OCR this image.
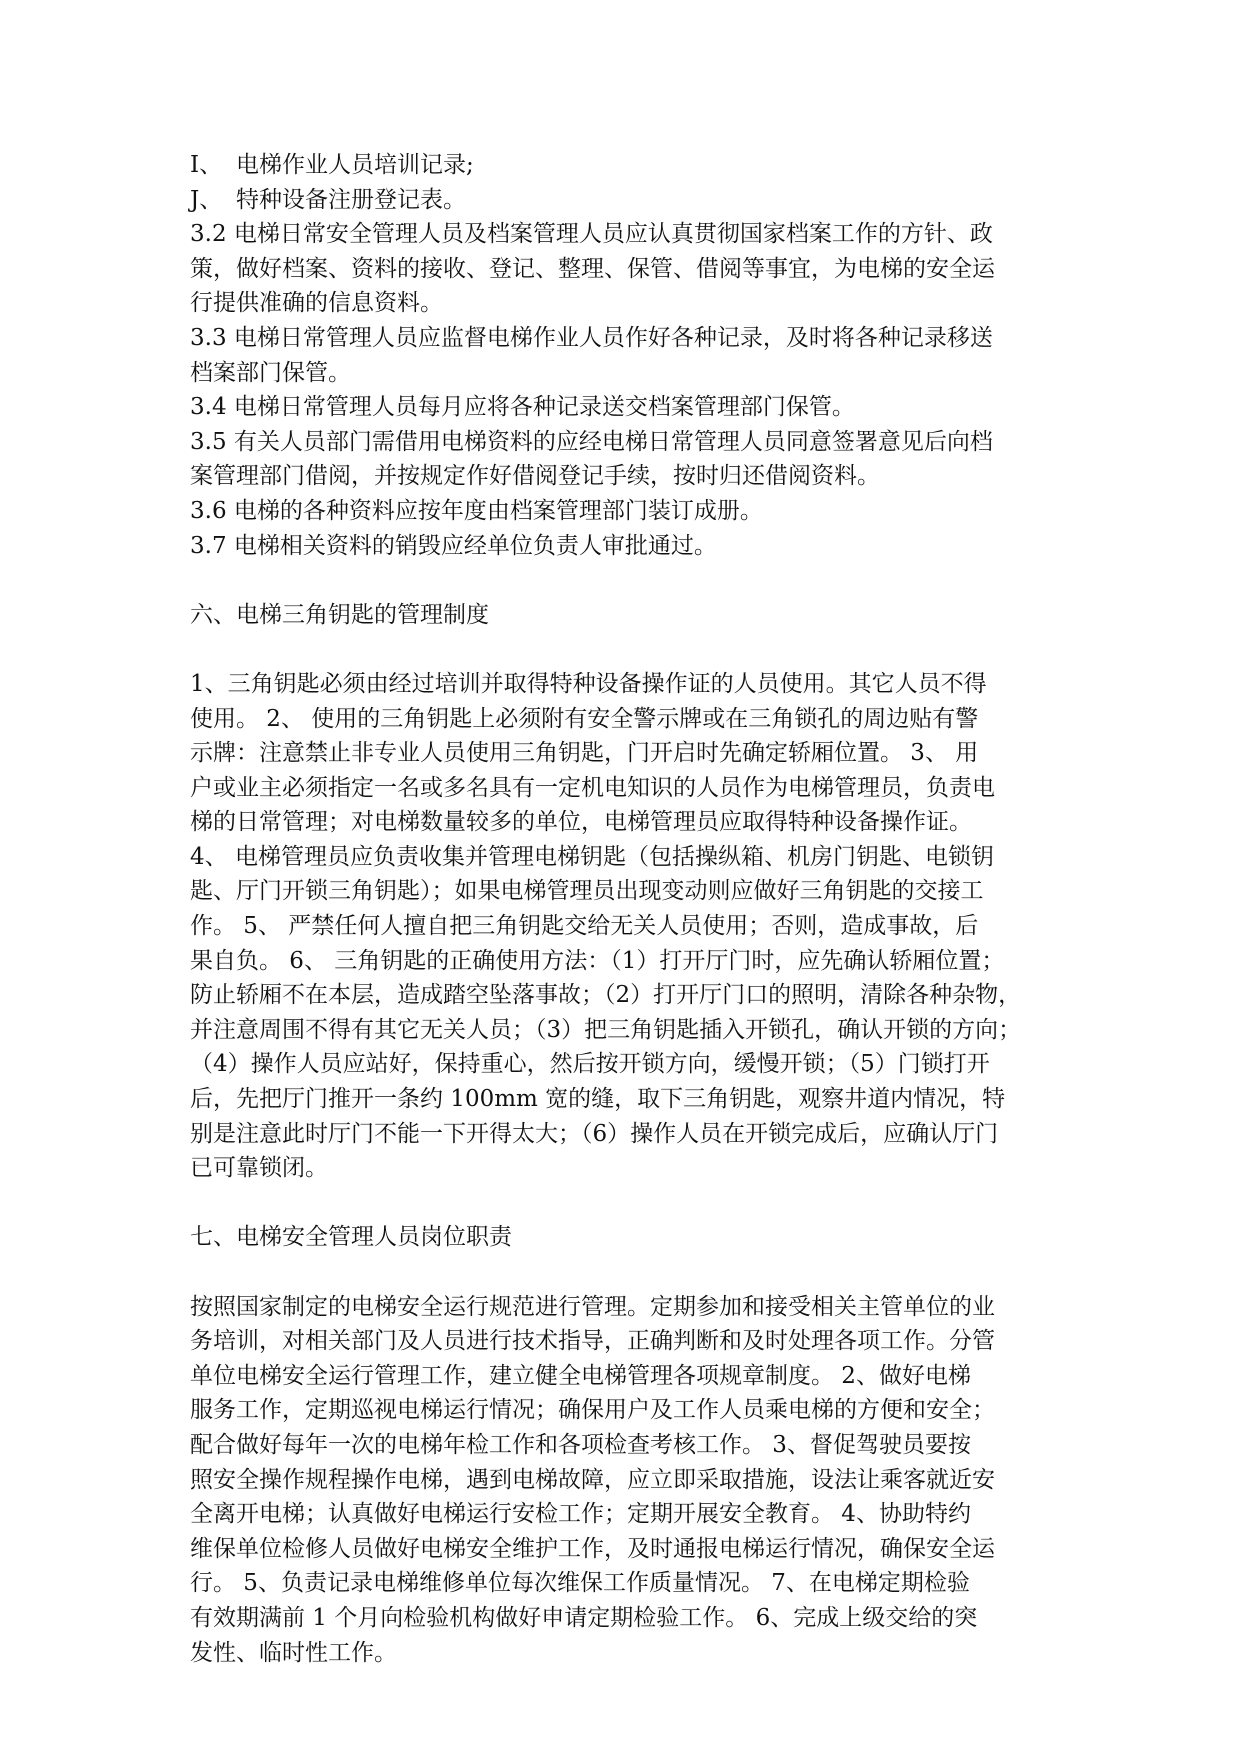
I、 电梯作业人员培训记录;
J、 特种设备注册登记表。
3.2 电梯日常安全管理人员及档案管理人员应认真贯彻国家档案工作的方针、政
策，做好档案、资料的接收、登记、整理、保管、借阅等事宜，为电梯的安全运
行提供准确的信息资料。
3.3 电梯日常管理人员应监督电梯作业人员作好各种记录，及时将各种记录移送
档案部门保管。
3.4 电梯日常管理人员每月应将各种记录送交档案管理部门保管。
3.5 有关人员部门需借用电梯资料的应经电梯日常管理人员同意签署意见后向档
案管理部门借阅，并按规定作好借阅登记手续，按时归还借阅资料。
3.6 电梯的各种资料应按年度由档案管理部门装订成册。
3.7 电梯相关资料的销毁应经单位负责人审批通过。
六、电梯三角钥匙的管理制度
1、三角钥匙必须由经过培训并取得特种设备操作证的人员使用。其它人员不得
使用。 2、 使用的三角钥匙上必须附有安全警示牌或在三角锁孔的周边贴有警
示牌：注意禁止非专业人员使用三角钥匙，门开启时先确定轿厢位置。 3、 用
户或业主必须指定一名或多名具有一定机电知识的人员作为电梯管理员，负责电
梯的日常管理；对电梯数量较多的单位，电梯管理员应取得特种设备操作证。
4、 电梯管理员应负责收集并管理电梯钥匙（包括操纵箱、机房门钥匙、电锁钥
匙、厅门开锁三角钥匙）；如果电梯管理员出现变动则应做好三角钥匙的交接工
作。 5、 严禁任何人擅自把三角钥匙交给无关人员使用；否则，造成事故，后
果自负。 6、 三角钥匙的正确使用方法：（1）打开厅门时，应先确认轿厢位置；
防止轿厢不在本层，造成踏空坠落事故；（2）打开厅门口的照明，清除各种杂物，
并注意周围不得有其它无关人员；（3）把三角钥匙插入开锁孔，确认开锁的方向；
（4）操作人员应站好，保持重心，然后按开锁方向，缓慢开锁；（5）门锁打开
后，先把厅门推开一条约 100mm 宽的缝，取下三角钥匙，观察井道内情况，特
别是注意此时厅门不能一下开得太大；（6）操作人员在开锁完成后，应确认厅门
已可靠锁闭。
七、电梯安全管理人员岗位职责
按照国家制定的电梯安全运行规范进行管理。定期参加和接受相关主管单位的业
务培训，对相关部门及人员进行技术指导，正确判断和及时处理各项工作。分管
单位电梯安全运行管理工作，建立健全电梯管理各项规章制度。 2、做好电梯
服务工作，定期巡视电梯运行情况；确保用户及工作人员乘电梯的方便和安全；
配合做好每年一次的电梯年检工作和各项检查考核工作。 3、督促驾驶员要按
照安全操作规程操作电梯，遇到电梯故障，应立即采取措施，设法让乘客就近安
全离开电梯；认真做好电梯运行安检工作；定期开展安全教育。 4、协助特约
维保单位检修人员做好电梯安全维护工作，及时通报电梯运行情况，确保安全运
行。 5、负责记录电梯维修单位每次维保工作质量情况。 7、在电梯定期检验
有效期满前 1 个月向检验机构做好申请定期检验工作。 6、完成上级交给的突
发性、临时性工作。
